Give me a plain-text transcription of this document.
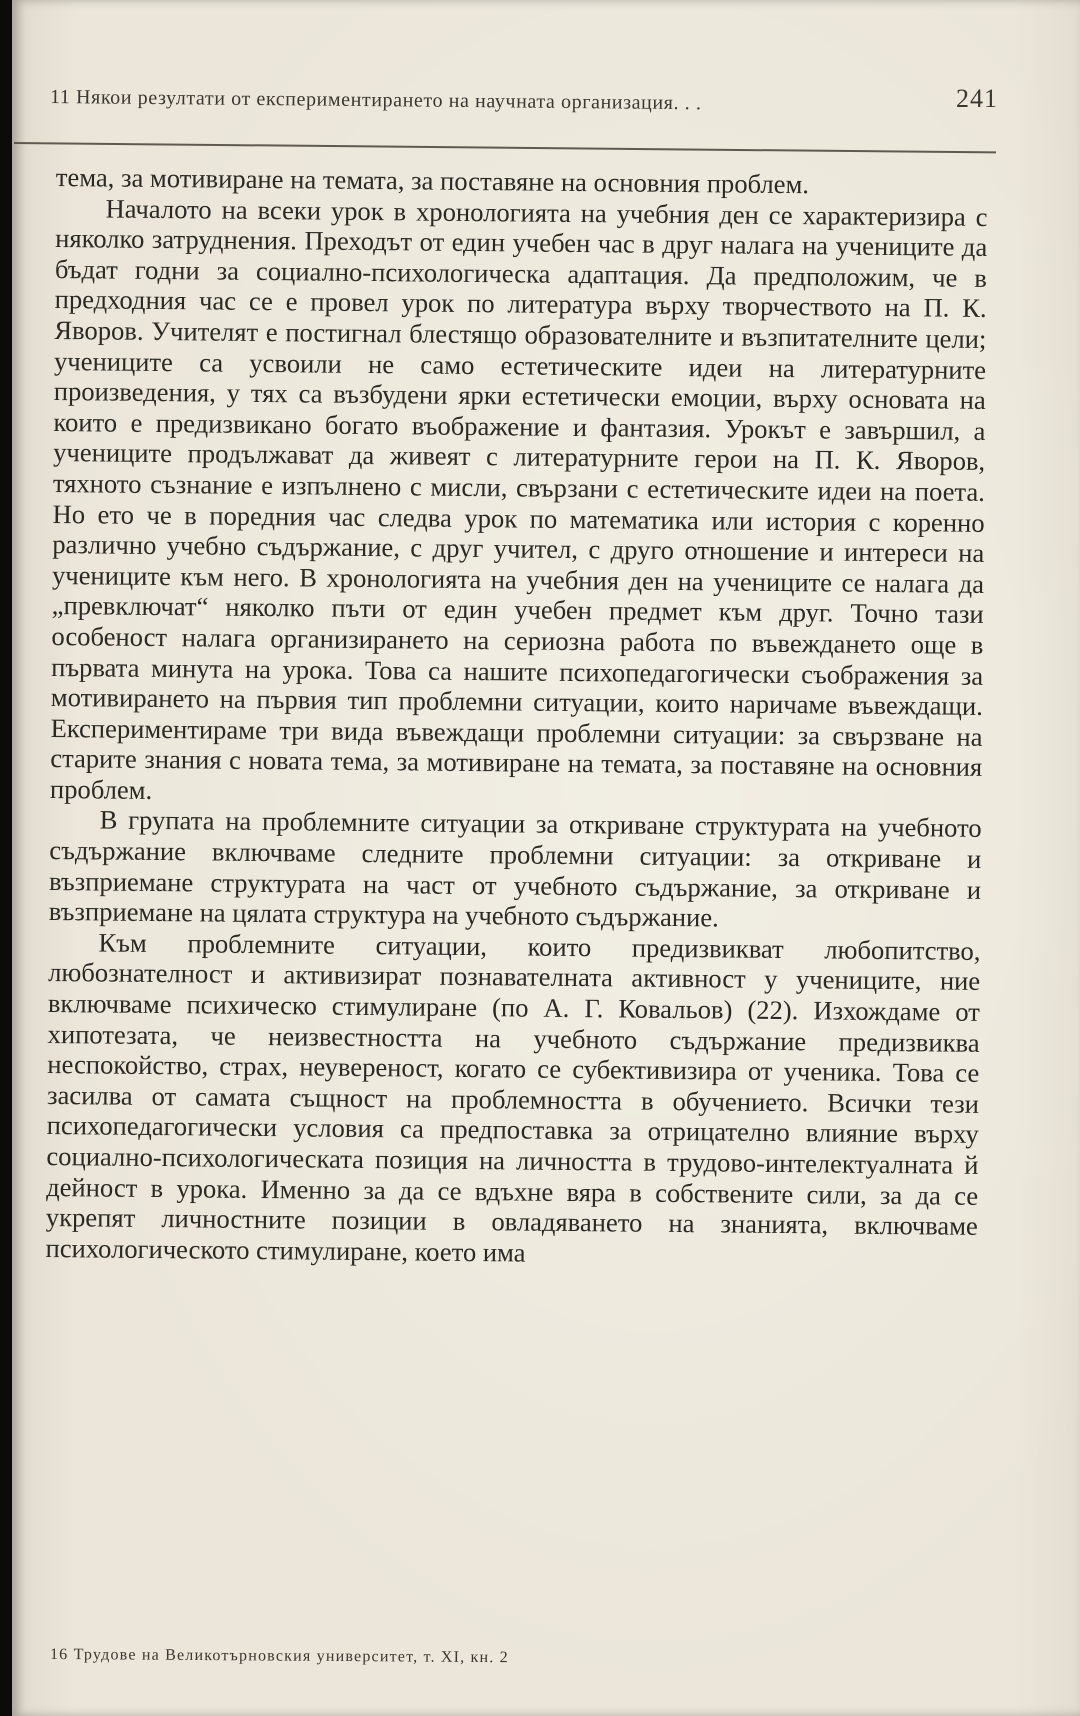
11 Някои резултати от експериментирането на научната организация. . .	241

тема, за мотивиране на темата, за поставяне на основния проблем.

Началото на всеки урок в хронологията на учебния ден се характеризира с няколко затруднения. Преходът от един учебен час в друг налага на учениците да бъдат годни за социално-психологическа адаптация. Да предположим, че в предходния час се е провел урок по литература върху творчеството на П. К. Яворов. Учителят е постигнал блестящо образователните и възпитателните цели; учениците са усвоили не само естетическите идеи на литературните произведения, у тях са възбудени ярки естетически емоции, върху основата на които е предизвикано богато въображение и фантазия. Урокът е завършил, а учениците продължават да живеят с литературните герои на П. К. Яворов, тяхното съзнание е изпълнено с мисли, свързани с естетическите идеи на поета. Но ето че в поредния час следва урок по математика или история с коренно различно учебно съдържание, с друг учител, с друго отношение и интереси на учениците към него. В хронологията на учебния ден на учениците се налага да „превключат“ няколко пъти от един учебен предмет към друг. Точно тази особеност налага организирането на сериозна работа по въвеждането още в първата минута на урока. Това са нашите психопедагогически съображения за мотивирането на първия тип проблемни ситуации, които наричаме въвеждащи. Експериментираме три вида въвеждащи проблемни ситуации: за свързване на старите знания с новата тема, за мотивиране на темата, за поставяне на основния проблем.

В групата на проблемните ситуации за откриване структурата на учебното съдържание включваме следните проблемни ситуации: за откриване и възприемане структурата на част от учебното съдържание, за откриване и възприемане на цялата структура на учебното съдържание.

Към проблемните ситуации, които предизвикват любопитство, любознателност и активизират познавателната активност у учениците, ние включваме психическо стимулиране (по А. Г. Ковальов) (22). Изхождаме от хипотезата, че неизвестността на учебното съдържание предизвиква неспокойство, страх, неувереност, когато се субективизира от ученика. Това се засилва от самата същност на проблемността в обучението. Всички тези психопедагогически условия са предпоставка за отрицателно влияние върху социално-психологическата позиция на личността в трудово-интелектуалната й дейност в урока. Именно за да се вдъхне вяра в собствените сили, за да се укрепят личностните позиции в овладяването на знанията, включваме психологическото стимулиране, което има

16 Трудове на Великотърновския университет, т. XI, кн. 2
